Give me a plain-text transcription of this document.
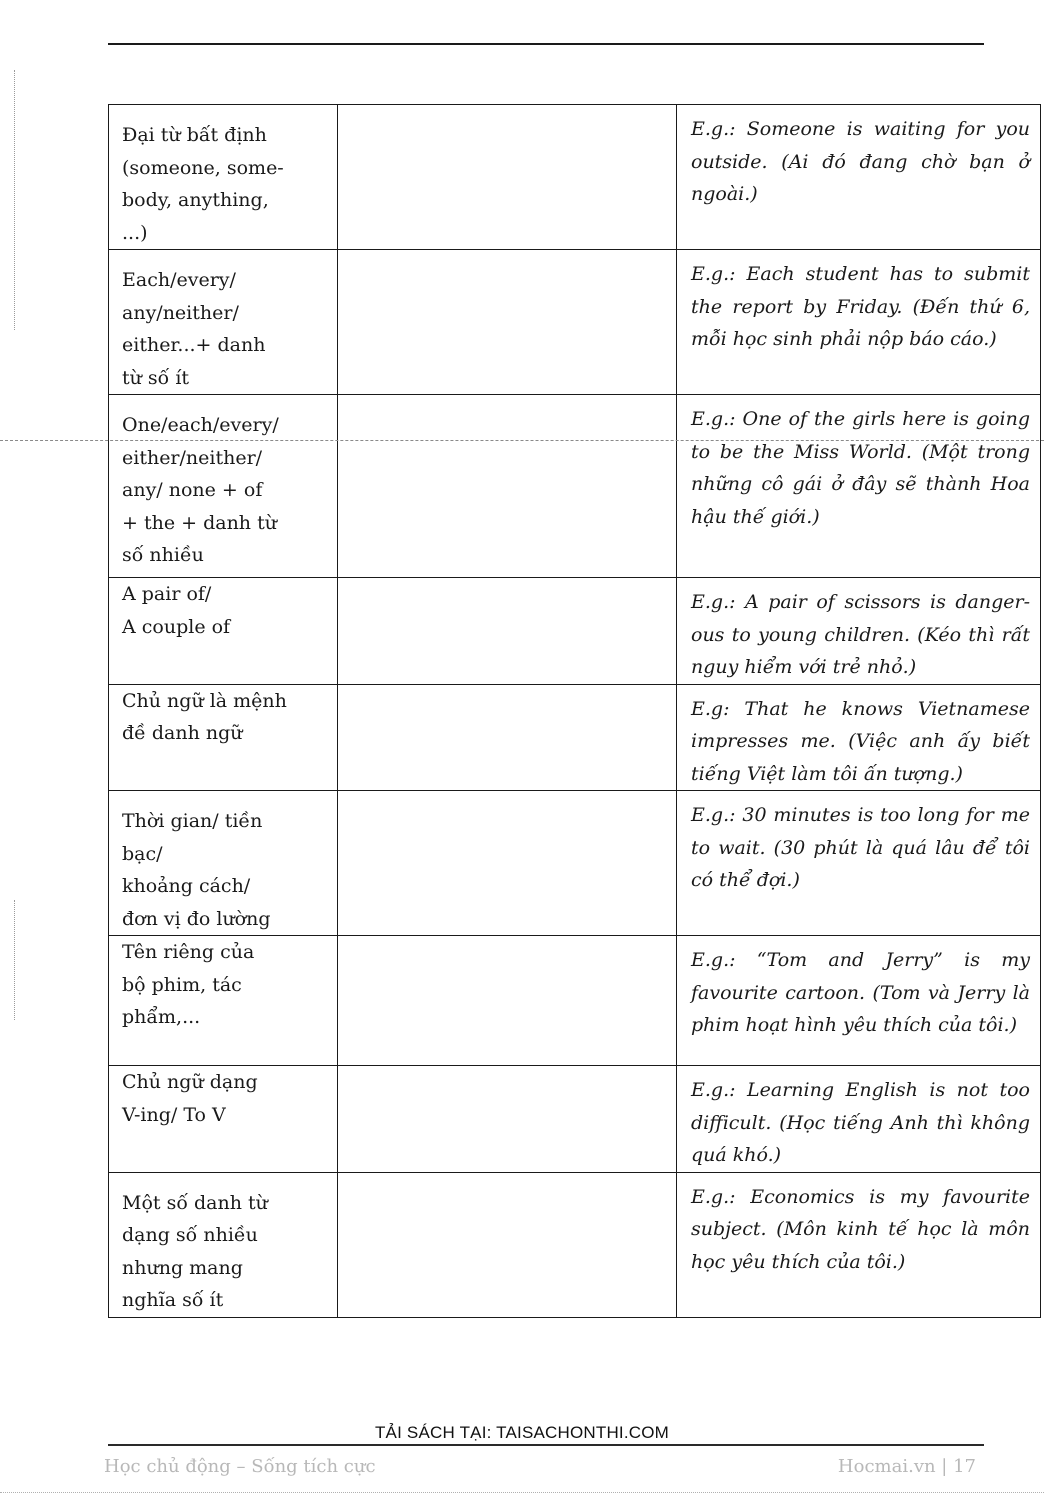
Đại từ bất định
(someone, some-
body, anything,
...)		E.g.: Someone is waiting for you outside. (Ai đó đang chờ bạn ở ngoài.)

Each/every/
any/neither/
either...+ danh
từ số ít		E.g.: Each student has to submit the report by Friday. (Đến thứ 6, mỗi học sinh phải nộp báo cáo.)

One/each/every/
either/neither/
any/ none + of
+ the + danh từ
số nhiều		E.g.: One of the girls here is going to be the Miss World. (Một trong những cô gái ở đây sẽ thành Hoa hậu thế giới.)

A pair of/
A couple of		E.g.: A pair of scissors is danger-ous to young children. (Kéo thì rất nguy hiểm với trẻ nhỏ.)

Chủ ngữ là mệnh
đề danh ngữ		E.g: That he knows Vietnamese impresses me. (Việc anh ấy biết tiếng Việt làm tôi ấn tượng.)

Thời gian/ tiền
bạc/
khoảng cách/
đơn vị đo lường		E.g.: 30 minutes is too long for me to wait. (30 phút là quá lâu để tôi có thể đợi.)

Tên riêng của
bộ phim, tác
phẩm,...		E.g.: “Tom and Jerry” is my favourite cartoon. (Tom và Jerry là phim hoạt hình yêu thích của tôi.)

Chủ ngữ dạng
V-ing/ To V		E.g.: Learning English is not too difficult. (Học tiếng Anh thì không quá khó.)

Một số danh từ
dạng số nhiều
nhưng mang
nghĩa số ít		E.g.: Economics is my favourite subject. (Môn kinh tế học là môn học yêu thích của tôi.)
TẢI SÁCH TẠI: TAISACHONTHI.COM
Học chủ động – Sống tích cực	Hocmai.vn | 17
